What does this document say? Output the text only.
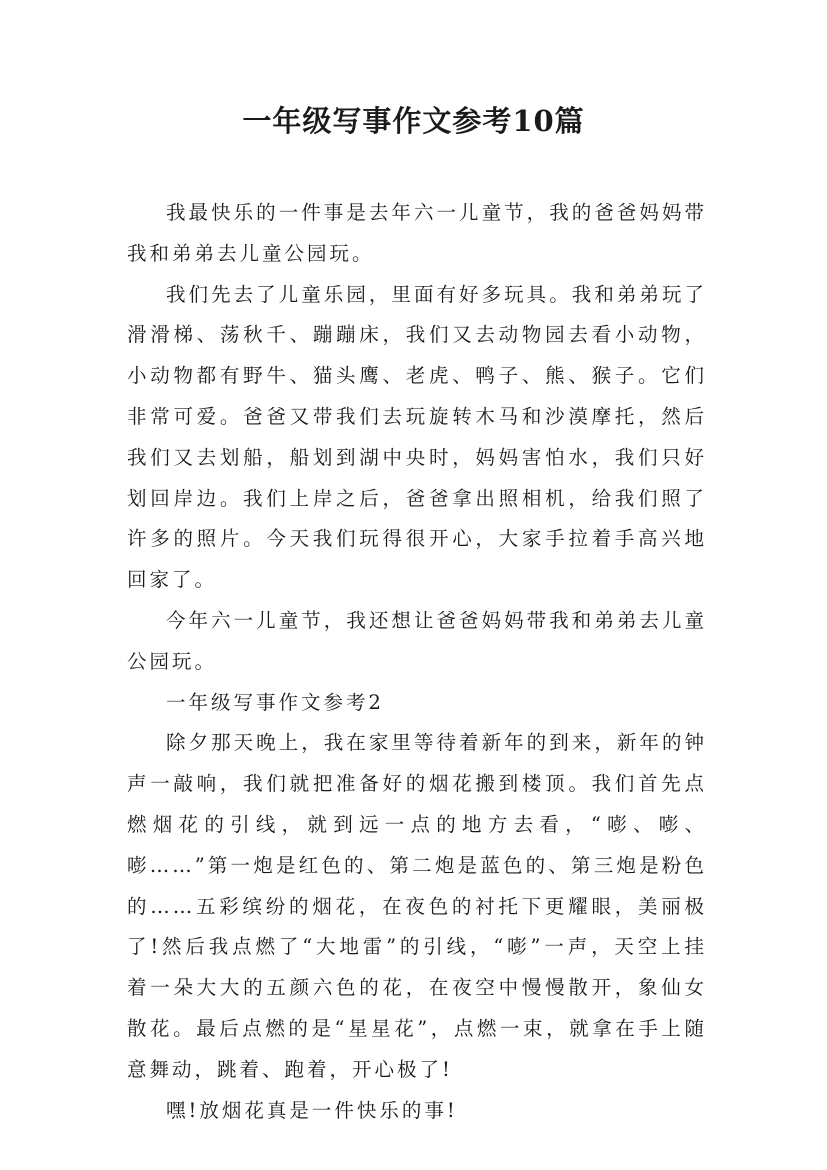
一年级写事作文参考10篇

我最快乐的一件事是去年六一儿童节，我的爸爸妈妈带我和弟弟去儿童公园玩。

我们先去了儿童乐园，里面有好多玩具。我和弟弟玩了滑滑梯、荡秋千、蹦蹦床，我们又去动物园去看小动物，小动物都有野牛、猫头鹰、老虎、鸭子、熊、猴子。它们非常可爱。爸爸又带我们去玩旋转木马和沙漠摩托，然后我们又去划船，船划到湖中央时，妈妈害怕水，我们只好划回岸边。我们上岸之后，爸爸拿出照相机，给我们照了许多的照片。今天我们玩得很开心，大家手拉着手高兴地回家了。

今年六一儿童节，我还想让爸爸妈妈带我和弟弟去儿童公园玩。

一年级写事作文参考2

除夕那天晚上，我在家里等待着新年的到来，新年的钟声一敲响，我们就把准备好的烟花搬到楼顶。我们首先点燃烟花的引线，就到远一点的地方去看，“嘭、嘭、嘭……”第一炮是红色的、第二炮是蓝色的、第三炮是粉色的……五彩缤纷的烟花，在夜色的衬托下更耀眼，美丽极了!然后我点燃了“大地雷”的引线，“嘭”一声，天空上挂着一朵大大的五颜六色的花，在夜空中慢慢散开，象仙女散花。最后点燃的是“星星花”，点燃一束，就拿在手上随意舞动，跳着、跑着，开心极了!

嘿!放烟花真是一件快乐的事!
